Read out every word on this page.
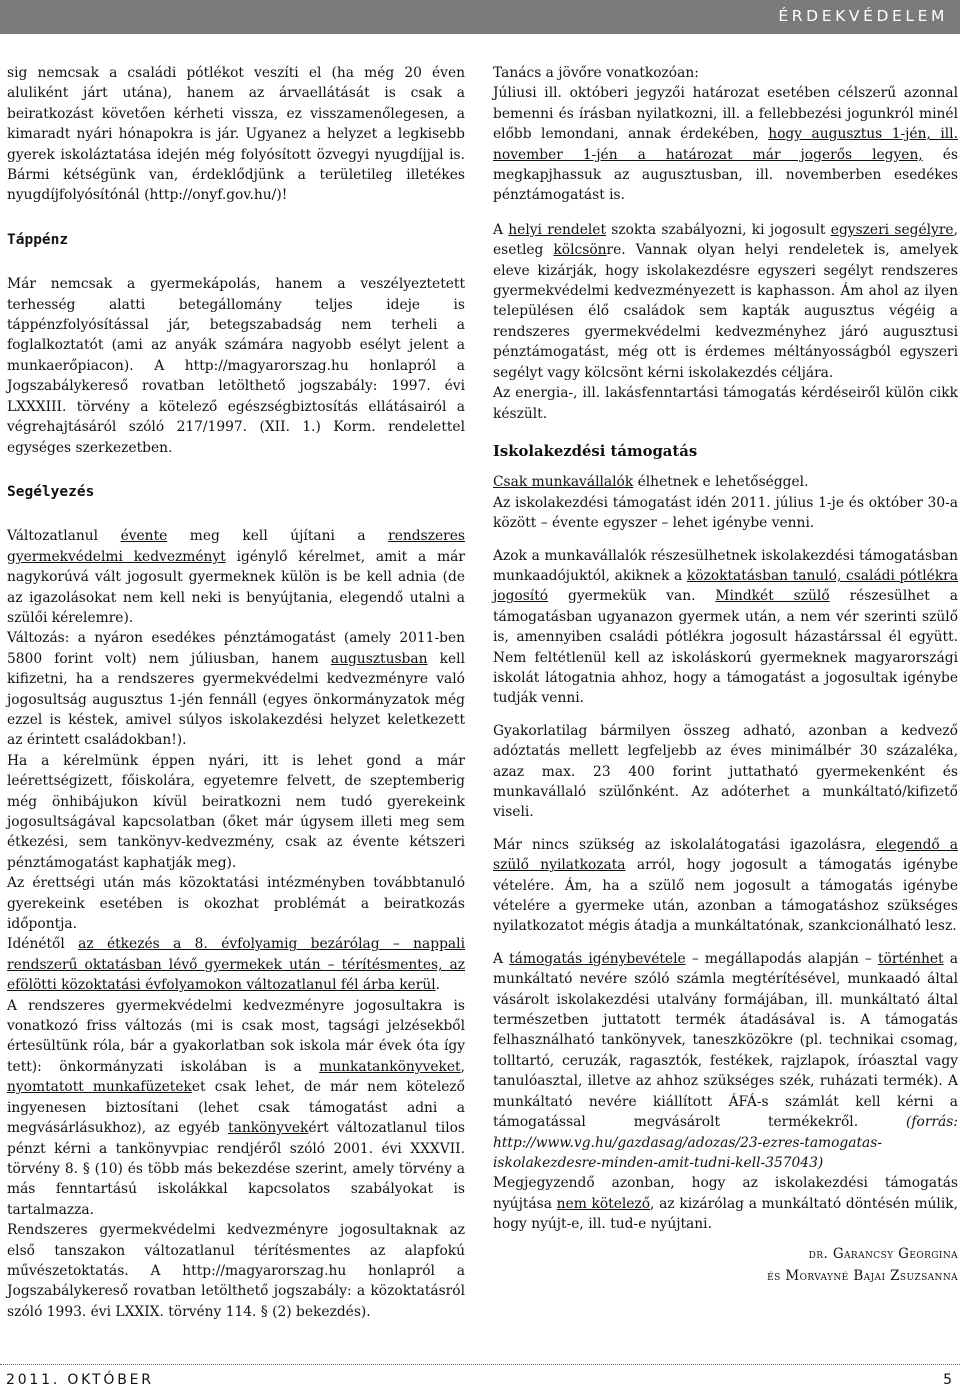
ÉRDEKVÉDELEM

sig nemcsak a családi pótlékot veszíti el (ha még 20 éven aluliként járt utána), hanem az árvaellátását is csak a beiratkozást követően kérheti vissza, ez visszamenőlegesen, a kimaradt nyári hónapokra is jár. Ugyanez a helyzet a legkisebb gyerek iskoláztatása idején még folyósított özvegyi nyugdíjjal is. Bármi kétségünk van, érdeklődjünk a területileg illetékes nyugdíjfolyósítónál (http://onyf.gov.hu/)!

Táppénz

Már nemcsak a gyermekápolás, hanem a veszélyeztetett terhesség alatti betegállomány teljes ideje is táppénzfolyósítással jár, betegszabadság nem terheli a foglalkoztatót (ami az anyák számára nagyobb esélyt jelent a munkaerőpiacon). A http://magyarorszag.hu honlapról a Jogszabálykereső rovatban letölthető jogszabály: 1997. évi LXXXIII. törvény a kötelező egészségbiztosítás ellátásairól a végrehajtásáról szóló 217/1997. (XII. 1.) Korm. rendelettel egységes szerkezetben.

Segélyezés

Változatlanul évente meg kell újítani a rendszeres gyermekvédelmi kedvezményt igénylő kérelmet, amit a már nagykorúvá vált jogosult gyermeknek külön is be kell adnia (de az igazolásokat nem kell neki is benyújtania, elegendő utalni a szülői kérelemre).

Változás: a nyáron esedékes pénztámogatást (amely 2011-ben 5800 forint volt) nem júliusban, hanem augusztusban kell kifizetni, ha a rendszeres gyermekvédelmi kedvezményre való jogosultság augusztus 1-jén fennáll (egyes önkormányzatok még ezzel is késtek, amivel súlyos iskolakezdési helyzet keletkezett az érintett családokban!).

Ha a kérelmünk éppen nyári, itt is lehet gond a már leérettségizett, főiskolára, egyetemre felvett, de szeptemberig még önhibájukon kívül beiratkozni nem tudó gyerekeink jogosultságával kapcsolatban (őket már úgysem illeti meg sem étkezési, sem tankönyv-kedvezmény, csak az évente kétszeri pénztámogatást kaphatják meg).

Az érettségi után más közoktatási intézményben továbbtanuló gyerekeink esetében is okozhat problémát a beiratkozás időpontja.

Idénétől az étkezés a 8. évfolyamig bezárólag – nappali rendszerű oktatásban lévő gyermekek után – térítésmentes, az efölötti közoktatási évfolyamokon változatlanul fél árba kerül.

A rendszeres gyermekvédelmi kedvezményre jogosultakra is vonatkozó friss változás (mi is csak most, tagsági jelzésekből értesültünk róla, bár a gyakorlatban sok iskola már évek óta így tett): önkormányzati iskolában is a munkatankönyveket, nyomtatott munkafüzeteket csak lehet, de már nem kötelező ingyenesen biztosítani (lehet csak támogatást adni a megvásárlásukhoz), az egyéb tankönyvekért változatlanul tilos pénzt kérni a tankönyvpiac rendjéről szóló 2001. évi XXXVII. törvény 8. § (10) és több más bekezdése szerint, amely törvény a más fenntartású iskolákkal kapcsolatos szabályokat is tartalmazza.

Rendszeres gyermekvédelmi kedvezményre jogosultaknak az első tanszakon változatlanul térítésmentes az alapfokú művészetoktatás. A http://magyarorszag.hu honlapról a Jogszabálykereső rovatban letölthető jogszabály: a közoktatásról szóló 1993. évi LXXIX. törvény 114. § (2) bekezdés).

Tanács a jövőre vonatkozóan:

Júliusi ill. októberi jegyzői határozat esetében célszerű azonnal bemenni és írásban nyilatkozni, ill. a fellebbezési jogunkról minél előbb lemondani, annak érdekében, hogy augusztus 1-jén, ill. november 1-jén a határozat már jogerős legyen, és megkapjhassuk az augusztusban, ill. novemberben esedékes pénztámogatást is.

A helyi rendelet szokta szabályozni, ki jogosult egyszeri segélyre, esetleg kölcsönre. Vannak olyan helyi rendeletek is, amelyek eleve kizárják, hogy iskolakezdésre egyszeri segélyt rendszeres gyermekvédelmi kedvezményezett is kaphasson. Ám ahol az ilyen településen élő családok sem kapták augusztus végéig a rendszeres gyermekvédelmi kedvezményhez járó augusztusi pénztámogatást, még ott is érdemes méltányosságból egyszeri segélyt vagy kölcsönt kérni iskolakezdés céljára.

Az energia-, ill. lakásfenntartási támogatás kérdéseiről külön cikk készült.

Iskolakezdési támogatás

Csak munkavállalók élhetnek e lehetőséggel.

Az iskolakezdési támogatást idén 2011. július 1-je és október 30-a között – évente egyszer – lehet igénybe venni.

Azok a munkavállalók részesülhetnek iskolakezdési támogatásban munkaadójuktól, akiknek a közoktatásban tanuló, családi pótlékra jogosító gyermekük van. Mindkét szülő részesülhet a támogatásban ugyanazon gyermek után, a nem vér szerinti szülő is, amennyiben családi pótlékra jogosult házastárssal él együtt. Nem feltétlenül kell az iskoláskorú gyermeknek magyarországi iskolát látogatnia ahhoz, hogy a támogatást a jogosultak igénybe tudják venni.

Gyakorlatilag bármilyen összeg adható, azonban a kedvező adóztatás mellett legfeljebb az éves minimálbér 30 százaléka, azaz max. 23 400 forint juttatható gyermekenként és munkavállaló szülőnként. Az adóterhet a munkáltató/kifizető viseli.

Már nincs szükség az iskolalátogatási igazolásra, elegendő a szülő nyilatkozata arról, hogy jogosult a támogatás igénybe vételére. Ám, ha a szülő nem jogosult a támogatás igénybe vételére a gyermeke után, azonban a támogatáshoz szükséges nyilatkozatot mégis átadja a munkáltatónak, szankcionálható lesz.

A támogatás igénybevétele – megállapodás alapján – történhet a munkáltató nevére szóló számla megtérítésével, munkaadó által vásárolt iskolakezdési utalvány formájában, ill. munkáltató által természetben juttatott termék átadásával is. A támogatás felhasználható tankönyvek, taneszközökre (pl. technikai csomag, tolltartó, ceruzák, ragasztók, festékek, rajzlapok, íróasztal vagy tanulóasztal, illetve az ahhoz szükséges szék, ruházati termék). A munkáltató nevére kiállított ÁFÁ-s számlát kell kérni a támogatással megvásárolt termékekről. (forrás: http://www.vg.hu/gazdasag/adozas/23-ezres-tamogatas-iskolakezdesre-minden-amit-tudni-kell-357043)

Megjegyzendő azonban, hogy az iskolakezdési támogatás nyújtása nem kötelező, az kizárólag a munkáltató döntésén múlik, hogy nyújt-e, ill. tud-e nyújtani.

dr. Garancsy Georgina
és Morvayné Bajai Zsuzsanna
2011. OKTÓBER	5
